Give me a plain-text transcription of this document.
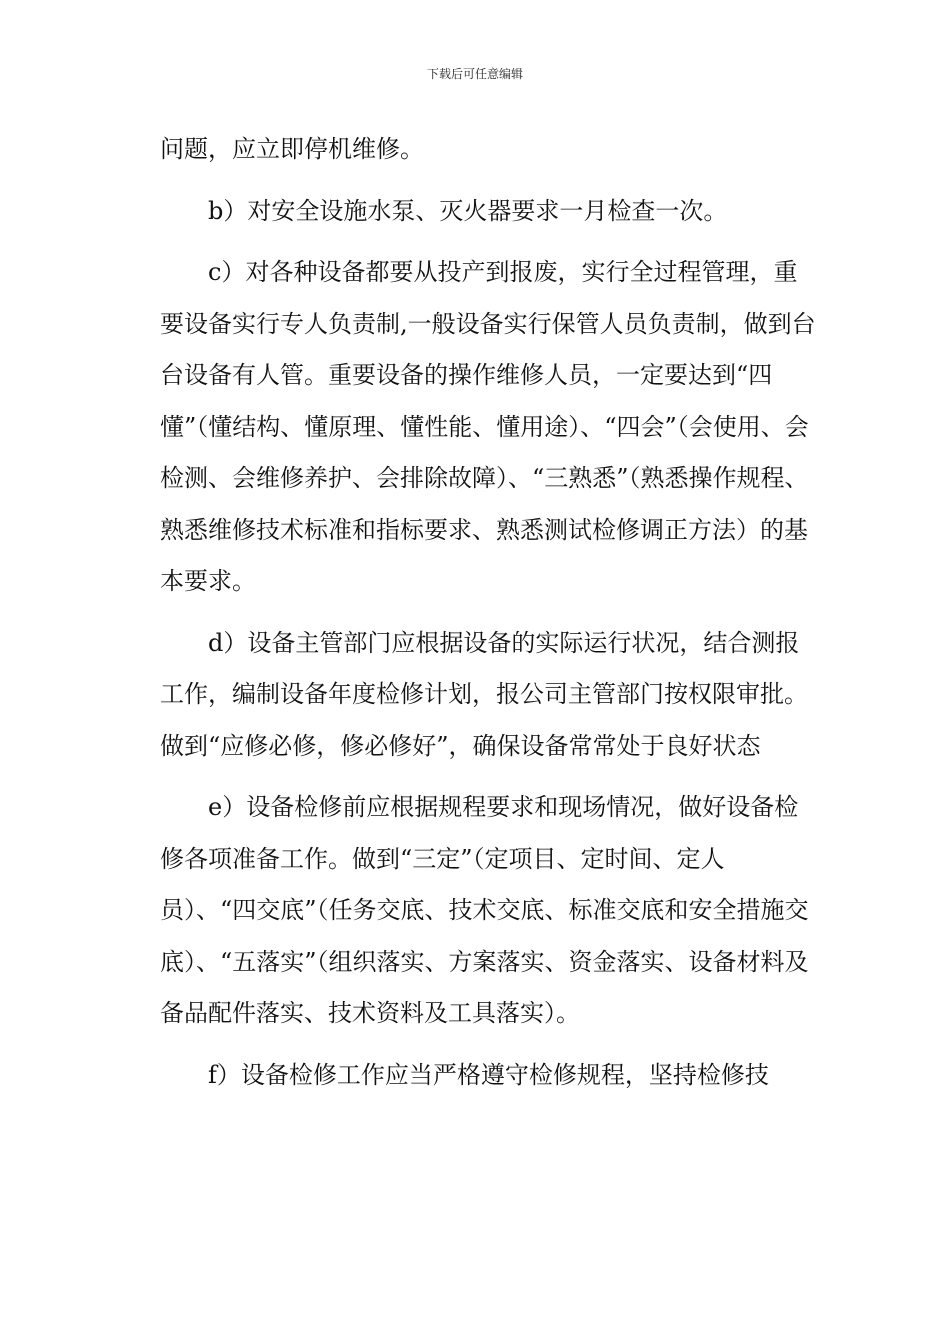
下载后可任意编辑

问题，应立即停机维修。

b）对安全设施水泵、灭火器要求一月检查一次。

c）对各种设备都要从投产到报废，实行全过程管理，重要设备实行专人负责制,一般设备实行保管人员负责制，做到台台设备有人管。重要设备的操作维修人员，一定要达到“四懂”（懂结构、懂原理、懂性能、懂用途）、“四会”（会使用、会检测、会维修养护、会排除故障）、“三熟悉”（熟悉操作规程、熟悉维修技术标准和指标要求、熟悉测试检修调正方法）的基本要求。

d）设备主管部门应根据设备的实际运行状况，结合测报工作，编制设备年度检修计划，报公司主管部门按权限审批。做到“应修必修，修必修好”，确保设备常常处于良好状态

e）设备检修前应根据规程要求和现场情况，做好设备检修各项准备工作。做到“三定”（定项目、定时间、定人员）、“四交底”（任务交底、技术交底、标准交底和安全措施交底）、“五落实”（组织落实、方案落实、资金落实、设备材料及备品配件落实、技术资料及工具落实）。

f）设备检修工作应当严格遵守检修规程，坚持检修技
